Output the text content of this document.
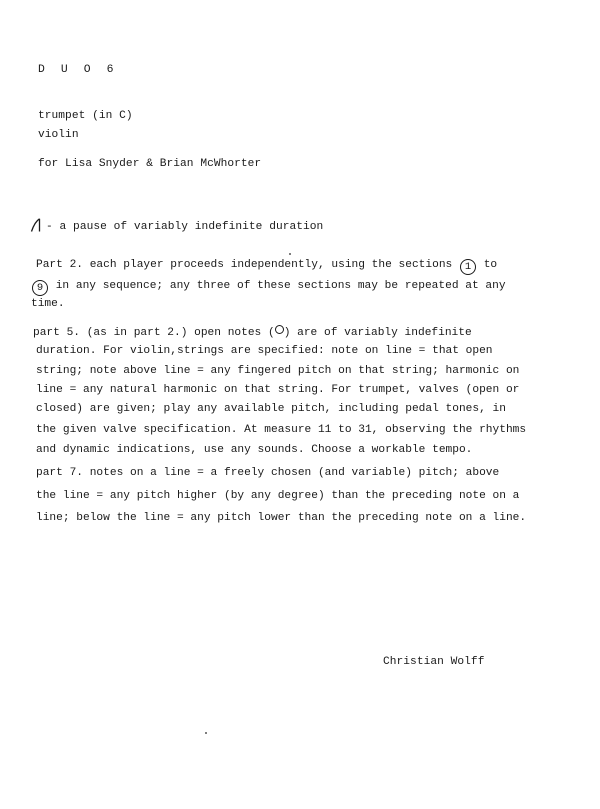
D U O 6
trumpet (in C)
violin
for Lisa Snyder & Brian McWhorter
- a pause of variably indefinite duration
Part 2. each player proceeds independently, using the sections 1 to
9 in any sequence; any three of these sections may be repeated at any
time.
part 5. (as in part 2.) open notes ( ) are of variably indefinite
duration. For violin,strings are specified: note on line = that open
string; note above line = any fingered pitch on that string; harmonic on
line = any natural harmonic on that string. For trumpet, valves (open or
closed) are given; play any available pitch, including pedal tones, in
the given valve specification. At measure 11 to 31, observing the rhythms
and dynamic indications, use any sounds. Choose a workable tempo.
part 7. notes on a line = a freely chosen (and variable) pitch; above
the line = any pitch higher (by any degree) than the preceding note on a
line; below the line = any pitch lower than the preceding note on a line.
Christian Wolff
